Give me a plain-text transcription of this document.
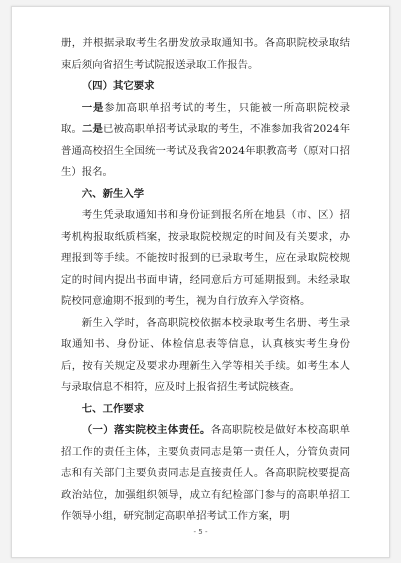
册，并根据录取考生名册发放录取通知书。各高职院校录取结束后须向省招生考试院报送录取工作报告。

（四）其它要求

一是参加高职单招考试的考生，只能被一所高职院校录取。二是已被高职单招考试录取的考生，不准参加我省2024年普通高校招生全国统一考试及我省2024年职教高考（原对口招生）报名。

六、新生入学

考生凭录取通知书和身份证到报名所在地县（市、区）招考机构报取纸质档案，按录取院校规定的时间及有关要求，办理报到等手续。不能按时报到的已录取考生，应在录取院校规定的时间内提出书面申请，经同意后方可延期报到。未经录取院校同意逾期不报到的考生，视为自行放弃入学资格。

新生入学时，各高职院校依据本校录取考生名册、考生录取通知书、身份证、体检信息表等信息，认真核实考生身份后，按有关规定及要求办理新生入学等相关手续。如考生本人与录取信息不相符，应及时上报省招生考试院核查。

七、工作要求

（一）落实院校主体责任。各高职院校是做好本校高职单招工作的责任主体，主要负责同志是第一责任人，分管负责同志和有关部门主要负责同志是直接责任人。各高职院校要提高政治站位，加强组织领导，成立有纪检部门参与的高职单招工作领导小组，研究制定高职单招考试工作方案，明

- 5 -
